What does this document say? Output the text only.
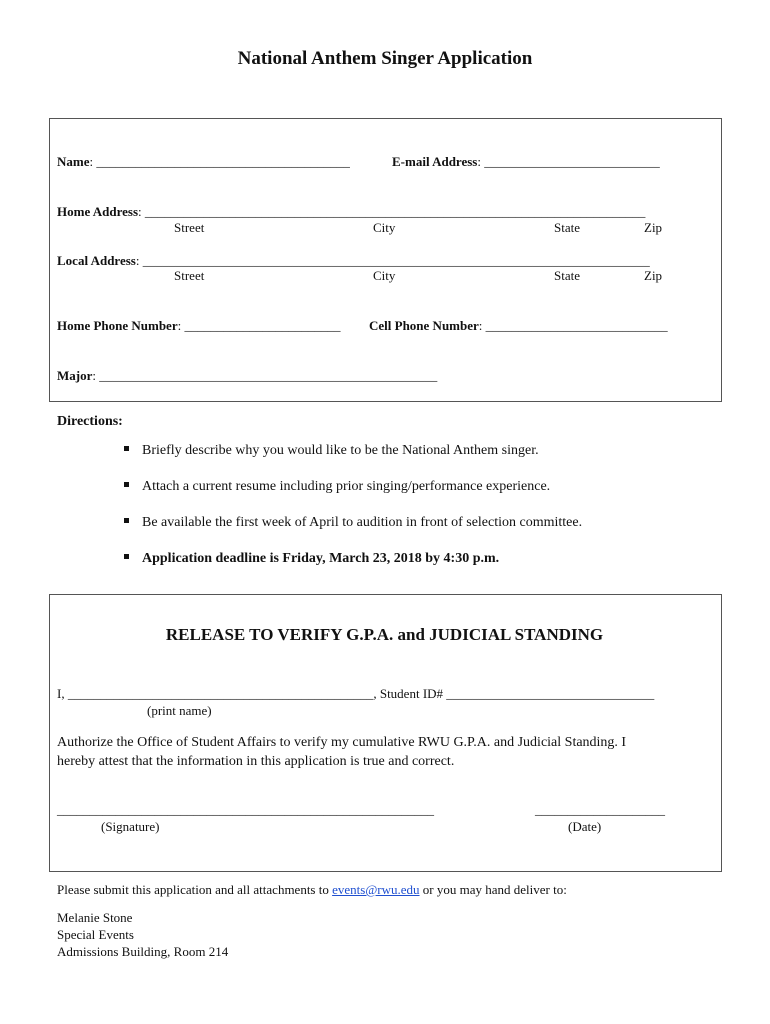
National Anthem Singer Application
Name: _______________________________________	E-mail Address: ___________________________
Home Address: _____________________________________________________________________________
Street	City	State	Zip
Local Address: ______________________________________________________________________________
Street	City	State	Zip
Home Phone Number: ________________________ Cell Phone Number: ____________________________
Major: ____________________________________________________
Directions:
Briefly describe why you would like to be the National Anthem singer.
Attach a current resume including prior singing/performance experience.
Be available the first week of April to audition in front of selection committee.
Application deadline is Friday, March 23, 2018 by 4:30 p.m.
RELEASE TO VERIFY G.P.A. and JUDICIAL STANDING
I, _______________________________________________, Student ID# ________________________________
(print name)
Authorize the Office of Student Affairs to verify my cumulative RWU G.P.A. and Judicial Standing. I
hereby attest that the information in this application is true and correct.
__________________________________________________________	____________________
(Signature)	(Date)
Please submit this application and all attachments to events@rwu.edu or you may hand deliver to:
Melanie Stone
Special Events
Admissions Building, Room 214
